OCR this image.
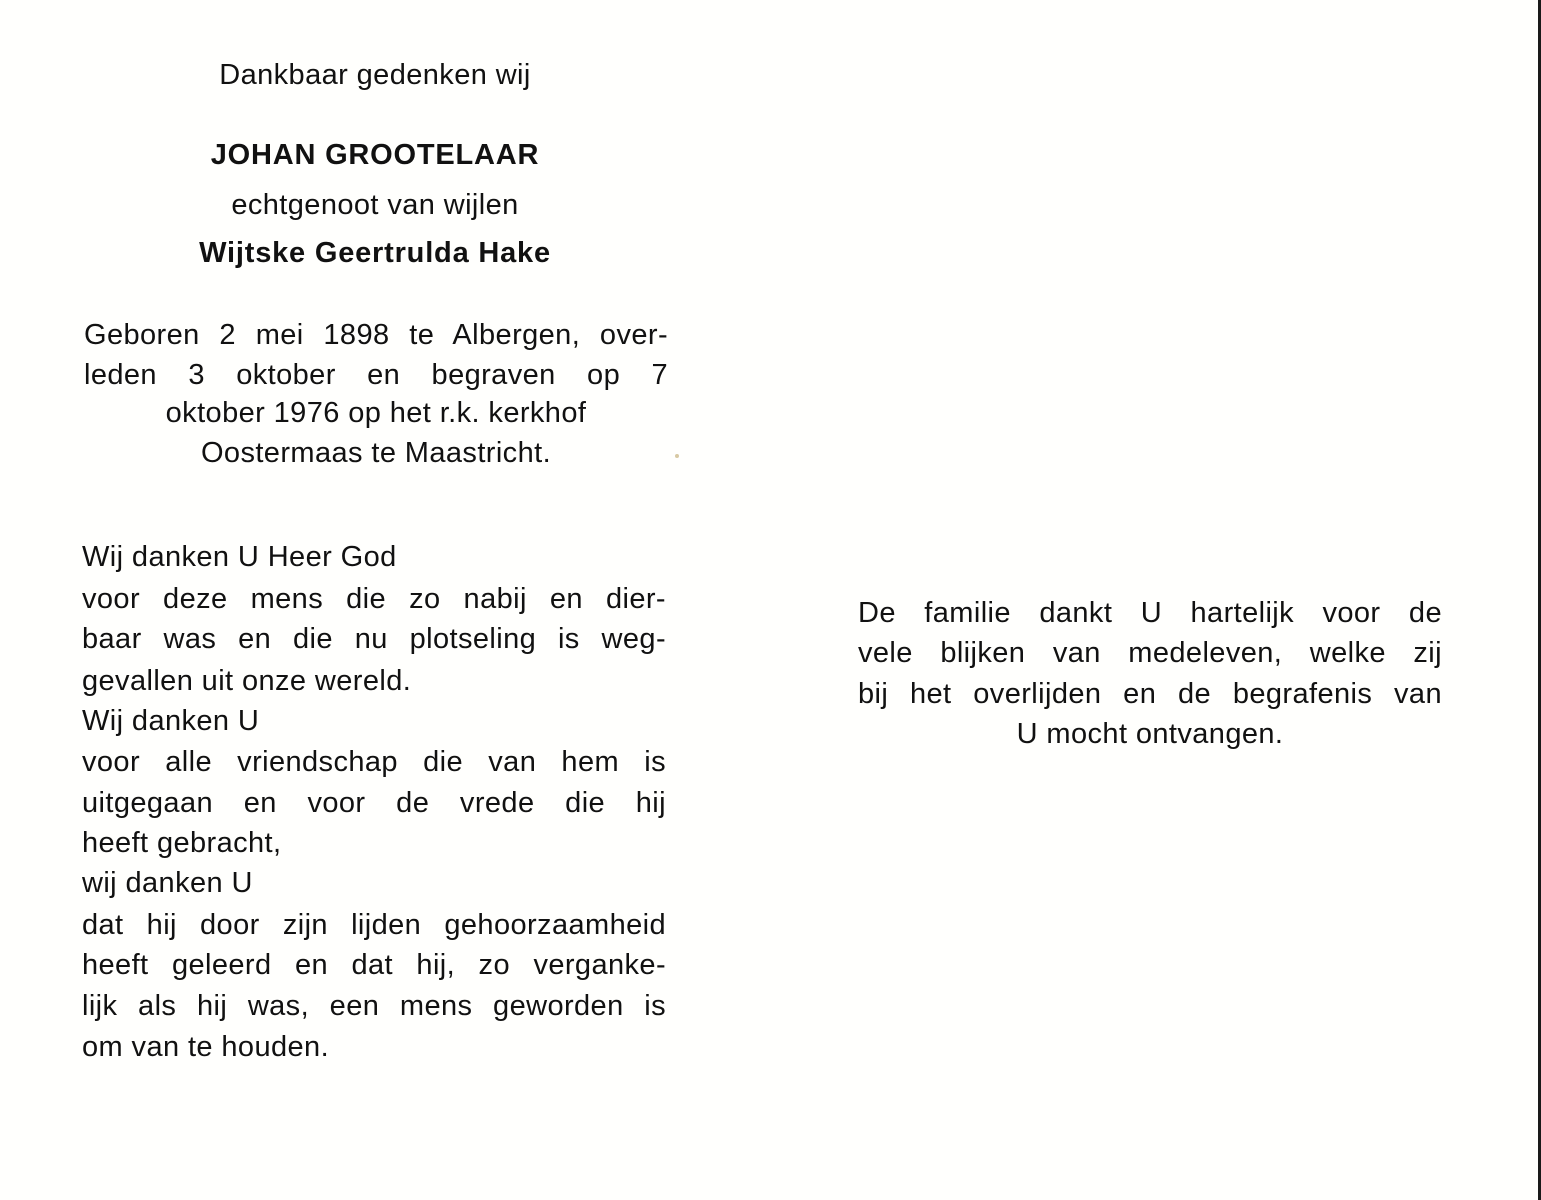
Dankbaar gedenken wij
JOHAN GROOTELAAR
echtgenoot van wijlen
Wijtske Geertrulda Hake
Geboren 2 mei 1898 te Albergen, over-
leden 3 oktober en begraven op 7
oktober 1976 op het r.k. kerkhof
Oostermaas te Maastricht.
Wij danken U Heer God
voor deze mens die zo nabij en dier-
baar was en die nu plotseling is weg-
gevallen uit onze wereld.
Wij danken U
voor alle vriendschap die van hem is
uitgegaan en voor de vrede die hij
heeft gebracht,
wij danken U
dat hij door zijn lijden gehoorzaamheid
heeft geleerd en dat hij, zo verganke-
lijk als hij was, een mens geworden is
om van te houden.
De familie dankt U hartelijk voor de
vele blijken van medeleven, welke zij
bij het overlijden en de begrafenis van
U mocht ontvangen.
